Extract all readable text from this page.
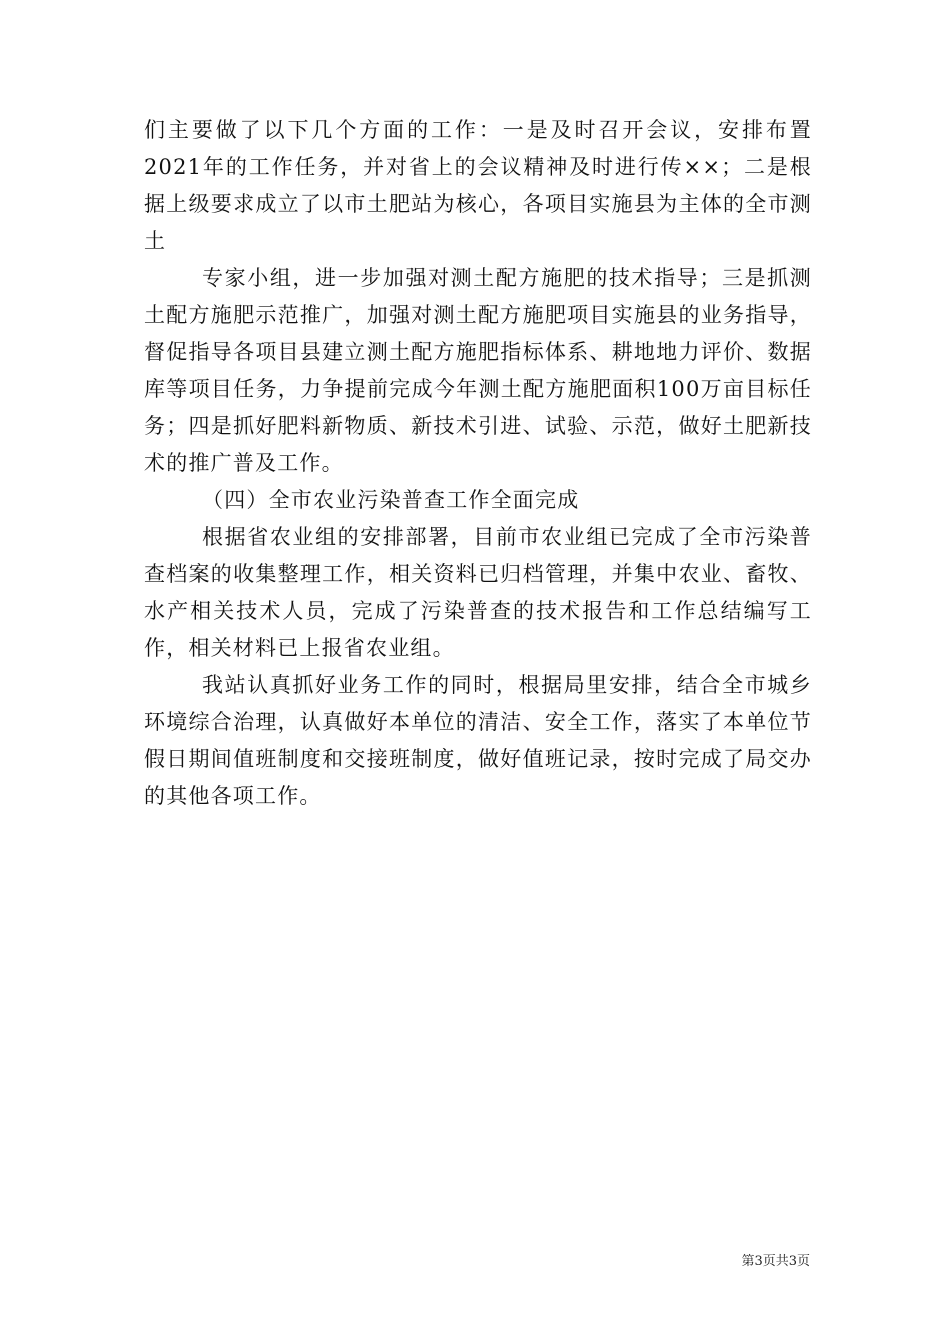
们主要做了以下几个方面的工作：一是及时召开会议，安排布置2021年的工作任务，并对省上的会议精神及时进行传××；二是根据上级要求成立了以市土肥站为核心，各项目实施县为主体的全市测土

专家小组，进一步加强对测土配方施肥的技术指导；三是抓测土配方施肥示范推广，加强对测土配方施肥项目实施县的业务指导，督促指导各项目县建立测土配方施肥指标体系、耕地地力评价、数据库等项目任务，力争提前完成今年测土配方施肥面积100万亩目标任务；四是抓好肥料新物质、新技术引进、试验、示范，做好土肥新技术的推广普及工作。

（四）全市农业污染普查工作全面完成

根据省农业组的安排部署，目前市农业组已完成了全市污染普查档案的收集整理工作，相关资料已归档管理，并集中农业、畜牧、水产相关技术人员，完成了污染普查的技术报告和工作总结编写工作，相关材料已上报省农业组。

我站认真抓好业务工作的同时，根据局里安排，结合全市城乡环境综合治理，认真做好本单位的清洁、安全工作，落实了本单位节假日期间值班制度和交接班制度，做好值班记录，按时完成了局交办的其他各项工作。

第3页共3页
